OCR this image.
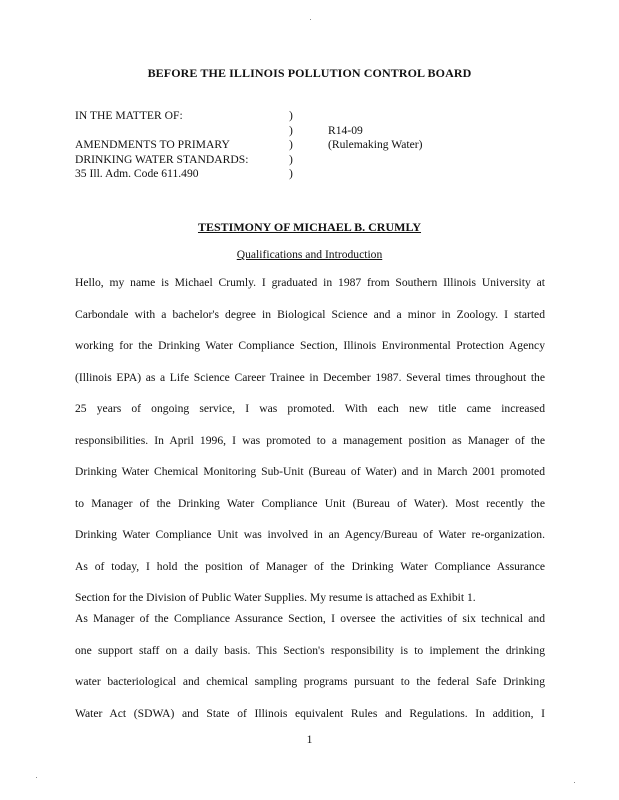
BEFORE THE ILLINOIS POLLUTION CONTROL BOARD
IN THE MATTER OF:

AMENDMENTS TO PRIMARY
DRINKING WATER STANDARDS:
35 Ill. Adm. Code 611.490
)
)
)
)
)
R14-09
(Rulemaking Water)
TESTIMONY OF MICHAEL B. CRUMLY
Qualifications and Introduction
Hello, my name is Michael Crumly. I graduated in 1987 from Southern Illinois University at
Carbondale with a bachelor's degree in Biological Science and a minor in Zoology. I started
working for the Drinking Water Compliance Section, Illinois Environmental Protection Agency
(Illinois EPA) as a Life Science Career Trainee in December 1987. Several times throughout the
25 years of ongoing service, I was promoted. With each new title came increased
responsibilities. In April 1996, I was promoted to a management position as Manager of the
Drinking Water Chemical Monitoring Sub-Unit (Bureau of Water) and in March 2001 promoted
to Manager of the Drinking Water Compliance Unit (Bureau of Water). Most recently the
Drinking Water Compliance Unit was involved in an Agency/Bureau of Water re-organization.
As of today, I hold the position of Manager of the Drinking Water Compliance Assurance
Section for the Division of Public Water Supplies. My resume is attached as Exhibit 1.
As Manager of the Compliance Assurance Section, I oversee the activities of six technical and
one support staff on a daily basis. This Section's responsibility is to implement the drinking
water bacteriological and chemical sampling programs pursuant to the federal Safe Drinking
Water Act (SDWA) and State of Illinois equivalent Rules and Regulations. In addition, I
1
